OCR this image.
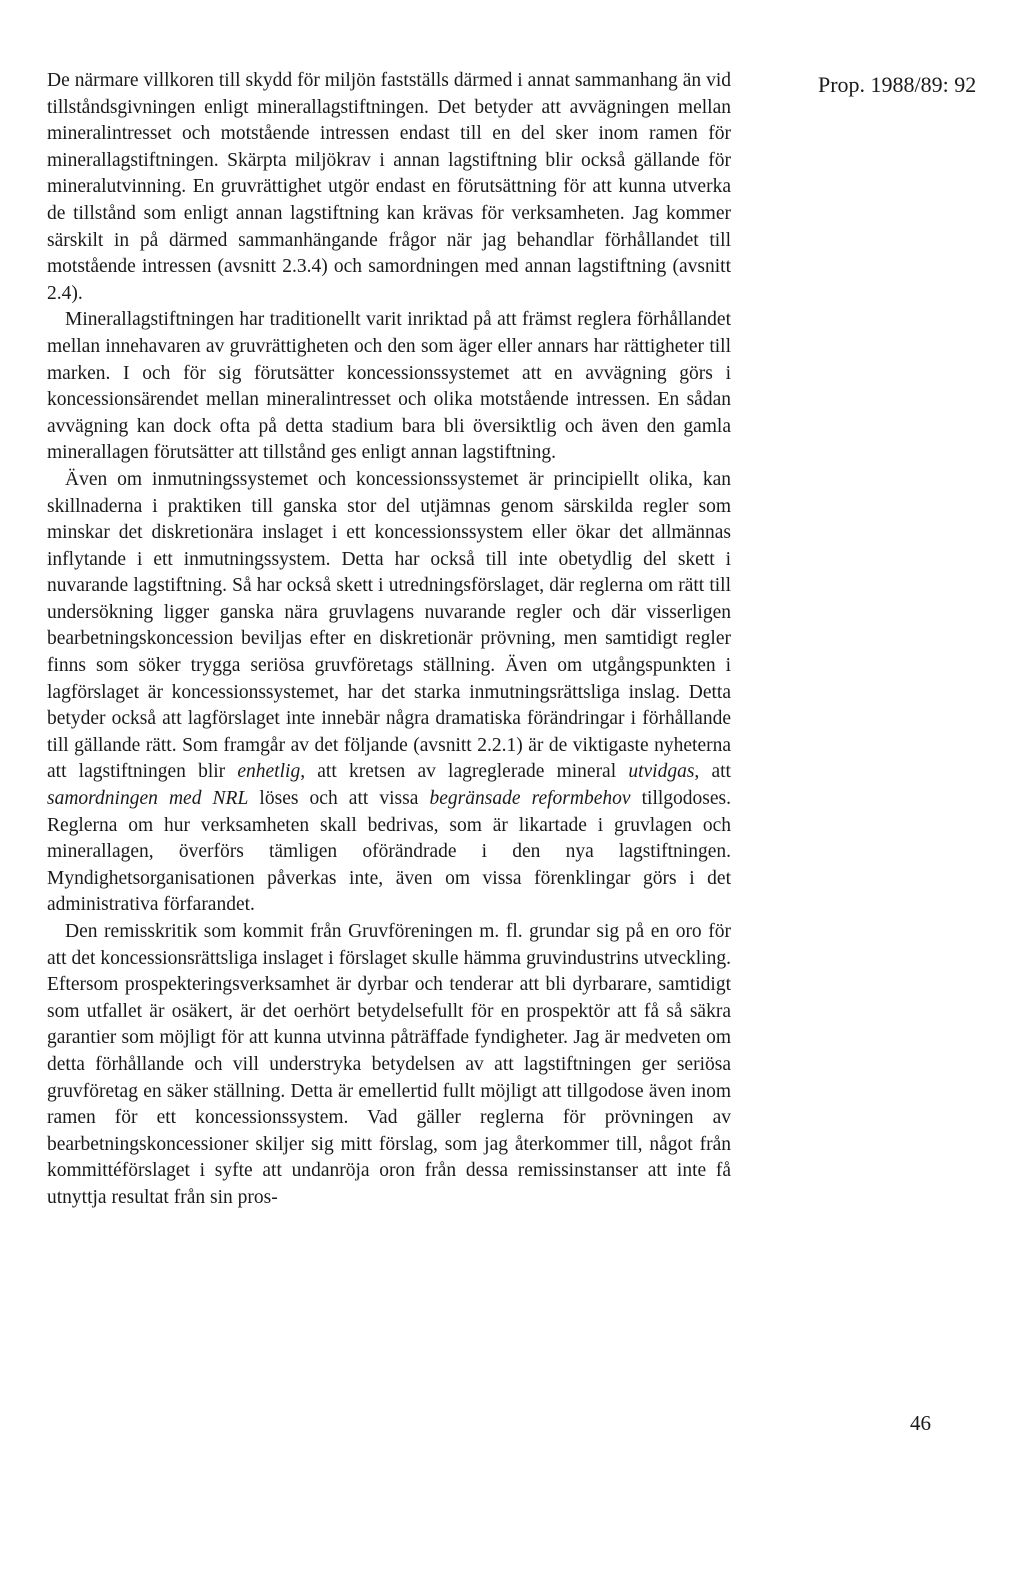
Prop. 1988/89: 92

De närmare villkoren till skydd för miljön fastställs därmed i annat sammanhang än vid tillståndsgivningen enligt minerallagstiftningen. Det betyder att avvägningen mellan mineralintresset och motstående intressen endast till en del sker inom ramen för minerallagstiftningen. Skärpta miljökrav i annan lagstiftning blir också gällande för mineralutvinning. En gruvrättighet utgör endast en förutsättning för att kunna utverka de tillstånd som enligt annan lagstiftning kan krävas för verksamheten. Jag kommer särskilt in på därmed sammanhängande frågor när jag behandlar förhållandet till motstående intressen (avsnitt 2.3.4) och samordningen med annan lagstiftning (avsnitt 2.4).

Minerallagstiftningen har traditionellt varit inriktad på att främst reglera förhållandet mellan innehavaren av gruvrättigheten och den som äger eller annars har rättigheter till marken. I och för sig förutsätter koncessionssystemet att en avvägning görs i koncessionsärendet mellan mineralintresset och olika motstående intressen. En sådan avvägning kan dock ofta på detta stadium bara bli översiktlig och även den gamla minerallagen förutsätter att tillstånd ges enligt annan lagstiftning.

Även om inmutningssystemet och koncessionssystemet är principiellt olika, kan skillnaderna i praktiken till ganska stor del utjämnas genom särskilda regler som minskar det diskretionära inslaget i ett koncessionssystem eller ökar det allmännas inflytande i ett inmutningssystem. Detta har också till inte obetydlig del skett i nuvarande lagstiftning. Så har också skett i utredningsförslaget, där reglerna om rätt till undersökning ligger ganska nära gruvlagens nuvarande regler och där visserligen bearbetningskoncession beviljas efter en diskretionär prövning, men samtidigt regler finns som söker trygga seriösa gruvföretags ställning. Även om utgångspunkten i lagförslaget är koncessionssystemet, har det starka inmutningsrättsliga inslag. Detta betyder också att lagförslaget inte innebär några dramatiska förändringar i förhållande till gällande rätt. Som framgår av det följande (avsnitt 2.2.1) är de viktigaste nyheterna att lagstiftningen blir enhetlig, att kretsen av lagreglerade mineral utvidgas, att samordningen med NRL löses och att vissa begränsade reformbehov tillgodoses. Reglerna om hur verksamheten skall bedrivas, som är likartade i gruvlagen och minerallagen, överförs tämligen oförändrade i den nya lagstiftningen. Myndighetsorganisationen påverkas inte, även om vissa förenklingar görs i det administrativa förfarandet.

Den remisskritik som kommit från Gruvföreningen m. fl. grundar sig på en oro för att det koncessionsrättsliga inslaget i förslaget skulle hämma gruvindustrins utveckling. Eftersom prospekteringsverksamhet är dyrbar och tenderar att bli dyrbarare, samtidigt som utfallet är osäkert, är det oerhört betydelsefullt för en prospektör att få så säkra garantier som möjligt för att kunna utvinna påträffade fyndigheter. Jag är medveten om detta förhållande och vill understryka betydelsen av att lagstiftningen ger seriösa gruvföretag en säker ställning. Detta är emellertid fullt möjligt att tillgodose även inom ramen för ett koncessionssystem. Vad gäller reglerna för prövningen av bearbetningskoncessioner skiljer sig mitt förslag, som jag återkommer till, något från kommittéförslaget i syfte att undanröja oron från dessa remissinstanser att inte få utnyttja resultat från sin pros-

46
